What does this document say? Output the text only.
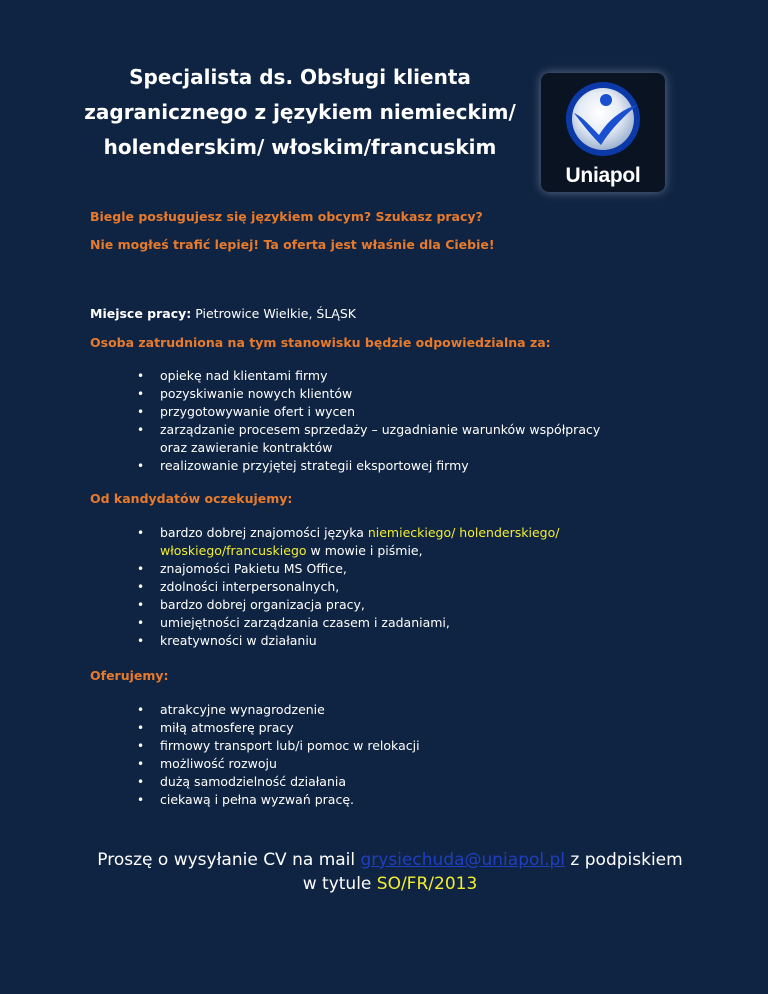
Specjalista ds. Obsługi klienta
zagranicznego z językiem niemieckim/
holenderskim/ włoskim/francuskim
Uniapol

Biegle posługujesz się językiem obcym? Szukasz pracy?

Nie mogłeś trafić lepiej! Ta oferta jest właśnie dla Ciebie!

Miejsce pracy: Pietrowice Wielkie, ŚLĄSK

Osoba zatrudniona na tym stanowisku będzie odpowiedzialna za:

• opiekę nad klientami firmy
• pozyskiwanie nowych klientów
• przygotowywanie ofert i wycen
• zarządzanie procesem sprzedaży – uzgadnianie warunków współpracy oraz zawieranie kontraktów
• realizowanie przyjętej strategii eksportowej firmy

Od kandydatów oczekujemy:

• bardzo dobrej znajomości języka niemieckiego/ holenderskiego/ włoskiego/francuskiego w mowie i piśmie,
• znajomości Pakietu MS Office,
• zdolności interpersonalnych,
• bardzo dobrej organizacja pracy,
• umiejętności zarządzania czasem i zadaniami,
• kreatywności w działaniu

Oferujemy:

• atrakcyjne wynagrodzenie
• miłą atmosferę pracy
• firmowy transport lub/i pomoc w relokacji
• możliwość rozwoju
• dużą samodzielność działania
• ciekawą i pełna wyzwań pracę.

Proszę o wysyłanie CV na mail grysiechuda@uniapol.pl z podpiskiem
w tytule SO/FR/2013
